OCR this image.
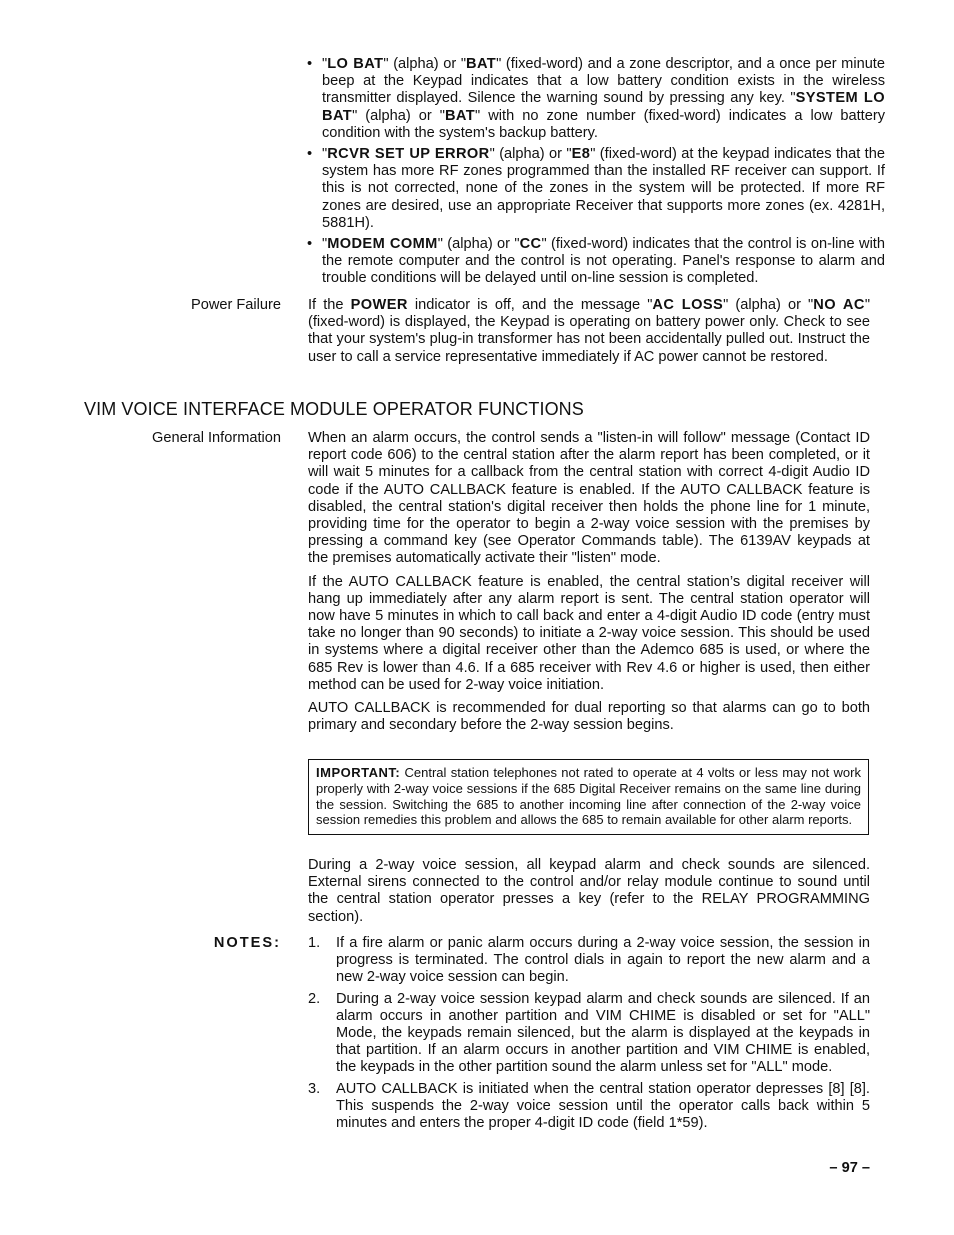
• "LO BAT" (alpha) or "BAT" (fixed-word) and a zone descriptor, and a once per minute beep at the Keypad indicates that a low battery condition exists in the wireless transmitter displayed. Silence the warning sound by pressing any key. "SYSTEM LO BAT" (alpha) or "BAT" with no zone number (fixed-word) indicates a low battery condition with the system's backup battery.
• "RCVR SET UP ERROR" (alpha) or "E8" (fixed-word) at the keypad indicates that the system has more RF zones programmed than the installed RF receiver can support. If this is not corrected, none of the zones in the system will be protected. If more RF zones are desired, use an appropriate Receiver that supports more zones (ex. 4281H, 5881H).
• "MODEM COMM" (alpha) or "CC" (fixed-word) indicates that the control is on-line with the remote computer and the control is not operating. Panel's response to alarm and trouble conditions will be delayed until on-line session is completed.
Power Failure If the POWER indicator is off, and the message "AC LOSS" (alpha) or "NO AC" (fixed-word) is displayed, the Keypad is operating on battery power only. Check to see that your system's plug-in transformer has not been accidentally pulled out. Instruct the user to call a service representative immediately if AC power cannot be restored.
VIM VOICE INTERFACE MODULE OPERATOR FUNCTIONS
General Information When an alarm occurs, the control sends a "listen-in will follow" message (Contact ID report code 606) to the central station after the alarm report has been completed, or it will wait 5 minutes for a callback from the central station with correct 4-digit Audio ID code if the AUTO CALLBACK feature is enabled. If the AUTO CALLBACK feature is disabled, the central station's digital receiver then holds the phone line for 1 minute, providing time for the operator to begin a 2-way voice session with the premises by pressing a command key (see Operator Commands table). The 6139AV keypads at the premises automatically activate their "listen" mode.

If the AUTO CALLBACK feature is enabled, the central station’s digital receiver will hang up immediately after any alarm report is sent. The central station operator will now have 5 minutes in which to call back and enter a 4-digit Audio ID code (entry must take no longer than 90 seconds) to initiate a 2-way voice session. This should be used in systems where a digital receiver other than the Ademco 685 is used, or where the 685 Rev is lower than 4.6. If a 685 receiver with Rev 4.6 or higher is used, then either method can be used for 2-way voice initiation.

AUTO CALLBACK is recommended for dual reporting so that alarms can go to both primary and secondary before the 2-way session begins.

IMPORTANT: Central station telephones not rated to operate at 4 volts or less may not work properly with 2-way voice sessions if the 685 Digital Receiver remains on the same line during the session. Switching the 685 to another incoming line after connection of the 2-way voice session remedies this problem and allows the 685 to remain available for other alarm reports.
During a 2-way voice session, all keypad alarm and check sounds are silenced. External sirens connected to the control and/or relay module continue to sound until the central station operator presses a key (refer to the RELAY PROGRAMMING section).
NOTES: 1. If a fire alarm or panic alarm occurs during a 2-way voice session, the session in progress is terminated. The control dials in again to report the new alarm and a new 2-way voice session can begin.
2. During a 2-way voice session keypad alarm and check sounds are silenced. If an alarm occurs in another partition and VIM CHIME is disabled or set for "ALL" Mode, the keypads remain silenced, but the alarm is displayed at the keypads in that partition. If an alarm occurs in another partition and VIM CHIME is enabled, the keypads in the other partition sound the alarm unless set for "ALL" mode.
3. AUTO CALLBACK is initiated when the central station operator depresses [8] [8]. This suspends the 2-way voice session until the operator calls back within 5 minutes and enters the proper 4-digit ID code (field 1*59).
– 97 –
